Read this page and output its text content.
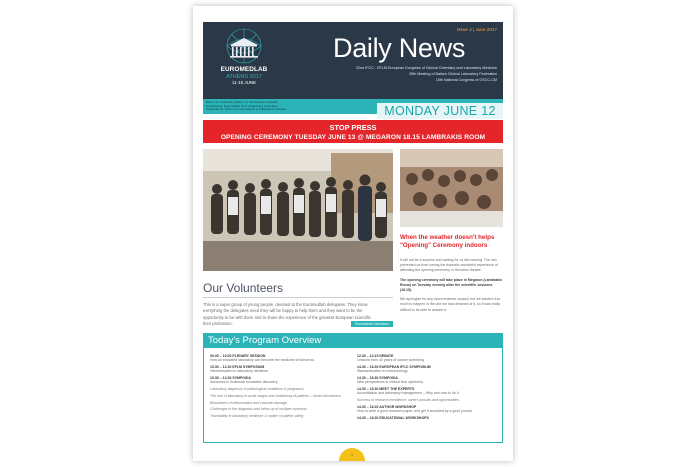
EUROMEDLAB
ATHENS 2017
11-15 JUNE
Issue 2 | June 2017
Daily News
22nd IFCC - EFLM European Congress of Clinical Chemistry and Laboratory Medicine
25th Meeting of Balkan Clinical Laboratory Federation
15th National Congress of GSCC-CM
Editor: Dr. Katherine (Kate) C.S. Richardson (Canada)
Contributing: Euromedlab 2017 Organising committee
Published by: IFCC Communications & Publications Division	MONDAY JUNE 12
STOP PRESS
OPENING CEREMONY TUESDAY JUNE 13 @ MEGARON 18.15 LAMBRAKIS ROOM
When the weather doesn't helps
"Opening" Ceremony indoors

It will not be a surprise and waiting for us tall evening. The rain prevented us from having the dramatic wonderful experience of attending the opening ceremony in Herodion theatre.

The opening ceremony will take place in Megaron (Lambrakis Room) on Tuesday evening after the scientific sessions (18.15).

We apologise for any inconvenience caused, but we wanted it so much to happen in the one we had dreamed of it, so it was really difficult to be able to answer it.

Our Volunteers
This is a super group of young people, devoted to the Euromedlab delegates. They know
everything the delegates need they will be happy to help them and they want to be the
opportunity to be with them and to share the experience of the greatest European scientific
their profession.	Euromedlab Volunteers
Today's Program Overview
09.00 – 10.00 PLENARY SESSION
How an educated laboratory can become the medicine of tomorrow
10.30 – 12.30 EFLM SYMPOSIUM
Harmonisation in laboratory medicine
10.30 – 12.30 SYMPOSIA
Advances in molecular biomarker discovery
Laboratory diagnosis of pathological conditions in pregnancy
The role of laboratory in acute stages and monitoring of patients – stroke biomarkers
Biomarkers of inflammation and vascular damage
Challenges in the diagnosis and follow up of multiple myeloma
Traceability in laboratory medicine: A matter of patient safety
12.30 – 14.15 DEBATE
Lessons from 40 years of cancer screening
14.30 – 16.30 EUROPEAN IFCC SYMPOSIUM
Standardization in endocrinology
14.30 – 16.30 SYMPOSIA
New perspectives in clinical flow cytometry
14.30 – 16.30 MEET THE EXPERTS
Accreditation and laboratory management – Why and how to do it
Success in research excellence: career pursuits and opportunities
14.30 – 16.30 AUTHOR WORKSHOP
How to write a good research paper, and get it accepted by a good journal
14.30 – 16.00 EDUCATIONAL WORKSHOPS
1
